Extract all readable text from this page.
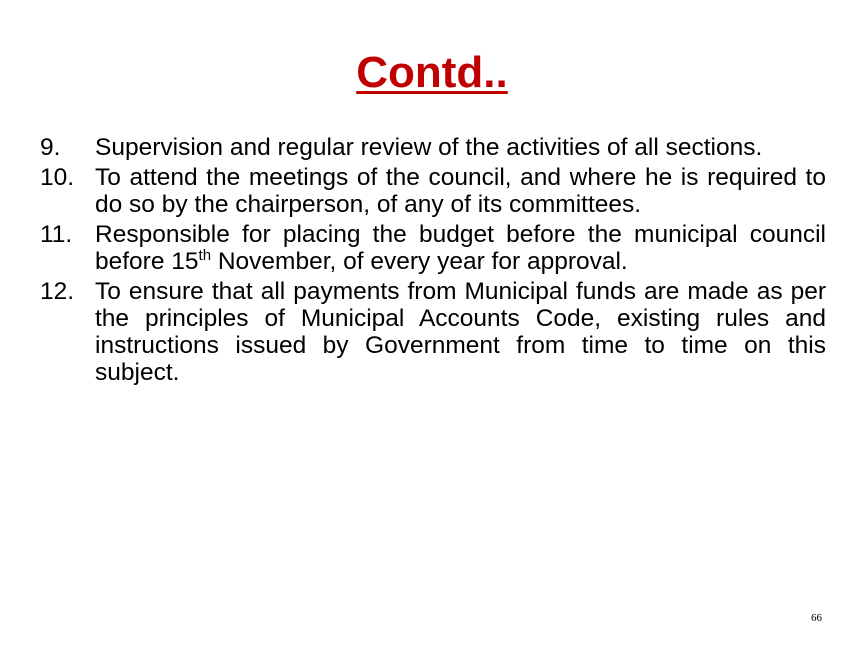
Contd..
9.	Supervision and regular review of the activities of all sections.
10. To attend the meetings of the council, and where he is required to do so by the chairperson, of any of its committees.
11. Responsible for placing the budget before the municipal council before 15th November, of every year for approval.
12. To ensure that all payments from Municipal funds are made as per the principles of Municipal Accounts Code, existing rules and instructions issued by Government from time to time on this subject.
66
